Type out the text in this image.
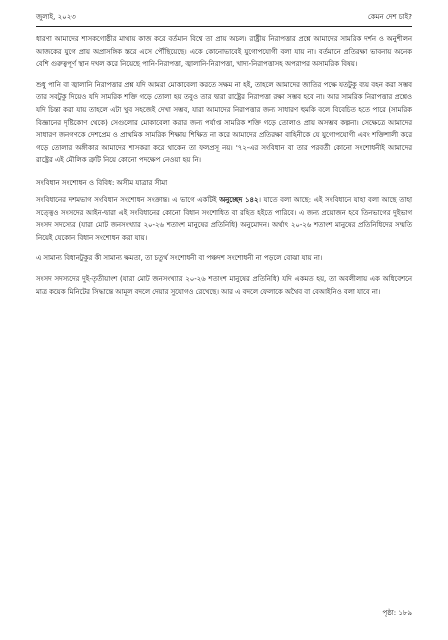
জুলাই, ২০২৩	কেমন দেশ চাই?

ধারণা আমাদের শাসকগোষ্ঠীর মাথায় কাজ করে বর্তমান বিশ্বে তা প্রায় অচল। রাষ্ট্রীয় নিরাপত্তার প্রশ্নে আমাদের সামরিক দর্শন ও অনুশীলন আজকের যুগে প্রায় অপ্রাসঙ্গিক স্তরে এসে পৌঁছিয়েছে। একে কোনোভাবেই যুগোপযোগী বলা যায় না। বর্তমানে প্রতিরক্ষা ভাবনায় অনেক বেশি গুরুত্বপূর্ণ স্থান দখল করে নিয়েছে পানি-নিরাপত্তা, জ্বালানি-নিরাপত্তা, খাদ্য-নিরাপত্তাসহ অপরাপর অসামরিক বিষয়।

শুধু পানি বা জ্বালানি নিরাপত্তার প্রশ্ন যদি আমরা মোকাবেলা করতে সক্ষম না হই, তাহলে আমাদের জাতির পক্ষে যতটুকু ব্যয় বহন করা সম্ভব তার সবটুকু দিয়েও যদি সামরিক শক্তি গড়ে তোলা হয় তবুও তার দ্বারা রাষ্ট্রের নিরাপত্তা রক্ষা সম্ভব হবে না। আর সামরিক নিরাপত্তার প্রশ্নেও যদি চিন্তা করা যায় তাহলে এটা খুব সহজেই দেখা সম্ভব, যারা আমাদের নিরাপত্তার জন্য সাধারণ হুমকি বলে বিবেচিত হতে পারে (সামরিক বিজ্ঞানের দৃষ্টিকোণ থেকে) সেগুলোর মোকাবেলা করার জন্য পর্যাপ্ত সামরিক শক্তি গড়ে তোলাও প্রায় অসম্ভব কল্পনা। সেক্ষেত্রে আমাদের সাধারণ জনগণকে দেশপ্রেম ও প্রাথমিক সামরিক শিক্ষায় শিক্ষিত না করে আমাদের প্রতিরক্ষা বাহিনীকে যে যুগোপযোগী এবং শক্তিশালী করে গড়ে তোলার অঙ্গীকার আমাদের শাসকরা করে থাকেন তা ফলপ্রসূ নয়। '৭২-এর সংবিধান বা তার পরবর্তী কোনো সংশোধনীই আমাদের রাষ্ট্রের এই মৌলিক ত্রুটি নিয়ে কোনো পদক্ষেপ নেওয়া হয় নি।

সংবিধান সংশোধন ও বিবিধ: অসীম যাত্রার সীমা

সংবিধানের দশমভাগ সংবিধান সংশোধন সংক্রান্ত। এ ভাগে একটিই অনুচ্ছেদ ১৪২। যাতে বলা আছে: এই সংবিধানে যাহা বলা আছে তাহা সত্ত্বেও সংসদের আইন-দ্বারা এই সংবিধানের কোনো বিধান সংশোধিত বা রহিত হইতে পারিবে। এ জন্য প্রয়োজন হবে তিনভাগের দুইভাগ সংসদ সদস্যের (যারা মোট জনসংখ্যার ২০-২৬ শতাংশ মানুষের প্রতিনিধি) অনুমোদন। অর্থাৎ ২০-২৬ শতাংশ মানুষের প্রতিনিধিদের সম্মতি নিয়েই যেকোন বিধান সংশোধন করা যায়।

এ সামান্য বিধানটুকুর কী সামান্য ক্ষমতা, তা চতুর্থ সংশোধনী বা পঞ্চদশ সংশোধনী না পড়লে বোঝা যায় না।

সংসদ সদস্যদের দুই-তৃতীয়াংশ (যারা মোট জনসংখ্যার ২০-২৬ শতাংশ মানুষের প্রতিনিধি) যদি একমত হয়, তা অবলীলায় এক অধিবেশনে মাত্র কয়েক মিনিটের সিদ্ধান্তে আমূল বদলে দেয়ার সুযোগও রেখেছে। আর এ বদলে ফেলাকে অথৈব বা বেআইনিও বলা যাবে না।

পৃষ্ঠা: ১৮৯
